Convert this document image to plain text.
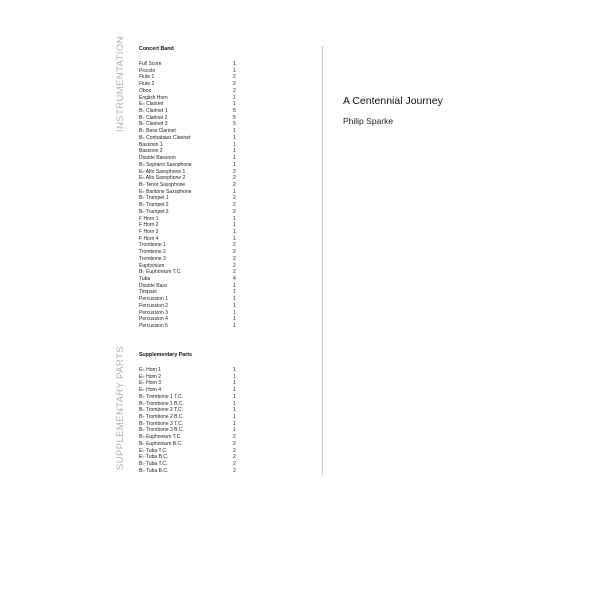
INSTRUMENTATION Concert Band
Full Score	1
Piccolo	1
Flute 1	2
Flute 2	2
Oboe	2
English Horn	1
E♭ Clarinet	1
B♭ Clarinet 1	5
B♭ Clarinet 2	5
B♭ Clarinet 3	5
B♭ Bass Clarinet	1
B♭ Contrabass Clarinet	1
Bassoon 1	1
Bassoon 2	1
Double Bassoon	1
B♭ Soprano Saxophone	1
E♭ Alto Saxophone 1	2
E♭ Alto Saxophone 2	2
B♭ Tenor Saxophone	2
E♭ Baritone Saxophone	1
B♭ Trumpet 1	2
B♭ Trumpet 2	2
B♭ Trumpet 3	2
F Horn 1	1
F Horn 2	1
F Horn 3	1
F Horn 4	1
Trombone 1	2
Trombone 2	2
Trombone 3	2
Euphonium	2
B♭ Euphonium T.C.	2
Tuba	4
Double Bass	1
Timpani	1
Percussion 1	1
Percussion 2	1
Percussion 3	1
Percussion 4	1
Percussion 5	1
SUPPLEMENTARY PARTS Supplementary Parts
E♭ Horn 1	1
E♭ Horn 2	1
E♭ Horn 3	1
E♭ Horn 4	1
B♭ Trombone 1 T.C.	1
B♭ Trombone 1 B.C.	1
B♭ Trombone 2 T.C.	1
B♭ Trombone 2 B.C.	1
B♭ Trombone 3 T.C.	1
B♭ Trombone 3 B.C.	1
B♭ Euphonium T.C.	2
B♭ Euphonium B.C.	2
E♭ Tuba T.C.	2
E♭ Tuba B.C.	2
B♭ Tuba T.C.	2
B♭ Tuba B.C.	2
A Centennial Journey
Philip Sparke
